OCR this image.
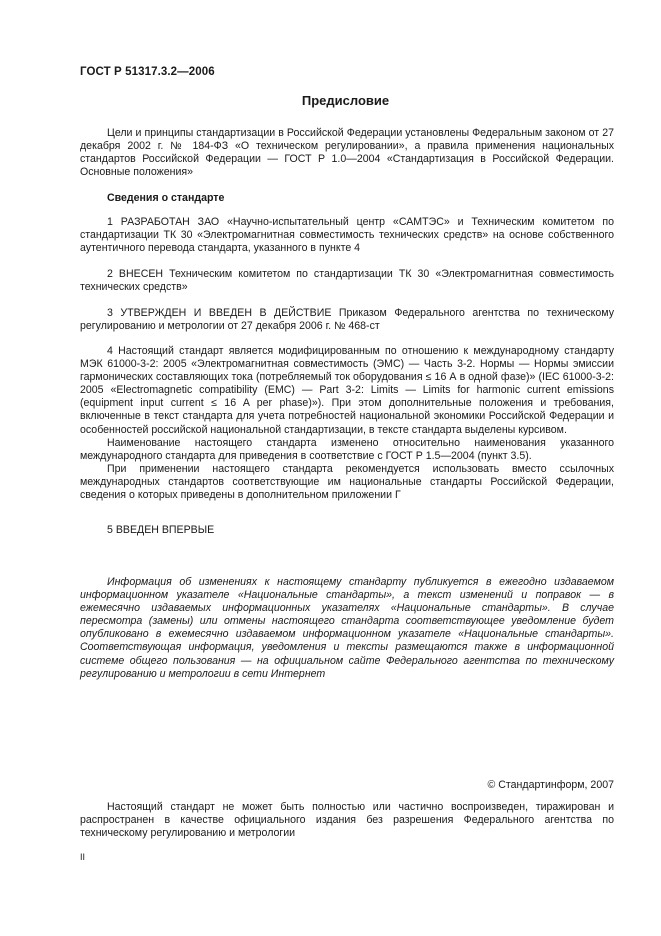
ГОСТ Р 51317.3.2—2006
Предисловие

Цели и принципы стандартизации в Российской Федерации установлены Федеральным законом от 27 декабря 2002 г. № 184-ФЗ «О техническом регулировании», а правила применения национальных стандартов Российской Федерации — ГОСТ Р 1.0—2004 «Стандартизация в Российской Федерации. Основные положения»

Сведения о стандарте

1 РАЗРАБОТАН ЗАО «Научно-испытательный центр «САМТЭС» и Техническим комитетом по стандартизации ТК 30 «Электромагнитная совместимость технических средств» на основе собственного аутентичного перевода стандарта, указанного в пункте 4

2 ВНЕСЕН Техническим комитетом по стандартизации ТК 30 «Электромагнитная совместимость технических средств»

3 УТВЕРЖДЕН И ВВЕДЕН В ДЕЙСТВИЕ Приказом Федерального агентства по техническому регулированию и метрологии от 27 декабря 2006 г. № 468-ст

4 Настоящий стандарт является модифицированным по отношению к международному стандарту МЭК 61000-3-2: 2005 «Электромагнитная совместимость (ЭМС) — Часть 3-2. Нормы — Нормы эмиссии гармонических составляющих тока (потребляемый ток оборудования ≤ 16 А в одной фазе)» (IEC 61000-3-2: 2005 «Electromagnetic compatibility (EMC) — Part 3-2: Limits — Limits for harmonic current emissions (equipment input current ≤ 16 A per phase)»). При этом дополнительные положения и требования, включенные в текст стандарта для учета потребностей национальной экономики Российской Федерации и особенностей российской национальной стандартизации, в тексте стандарта выделены курсивом.

Наименование настоящего стандарта изменено относительно наименования указанного международного стандарта для приведения в соответствие с ГОСТ Р 1.5—2004 (пункт 3.5).

При применении настоящего стандарта рекомендуется использовать вместо ссылочных международных стандартов соответствующие им национальные стандарты Российской Федерации, сведения о которых приведены в дополнительном приложении Г

5 ВВЕДЕН ВПЕРВЫЕ

Информация об изменениях к настоящему стандарту публикуется в ежегодно издаваемом информационном указателе «Национальные стандарты», а текст изменений и поправок — в ежемесячно издаваемых информационных указателях «Национальные стандарты». В случае пересмотра (замены) или отмены настоящего стандарта соответствующее уведомление будет опубликовано в ежемесячно издаваемом информационном указателе «Национальные стандарты». Соответствующая информация, уведомления и тексты размещаются также в информационной системе общего пользования — на официальном сайте Федерального агентства по техническому регулированию и метрологии в сети Интернет

© Стандартинформ, 2007

Настоящий стандарт не может быть полностью или частично воспроизведен, тиражирован и распространен в качестве официального издания без разрешения Федерального агентства по техническому регулированию и метрологии

II
